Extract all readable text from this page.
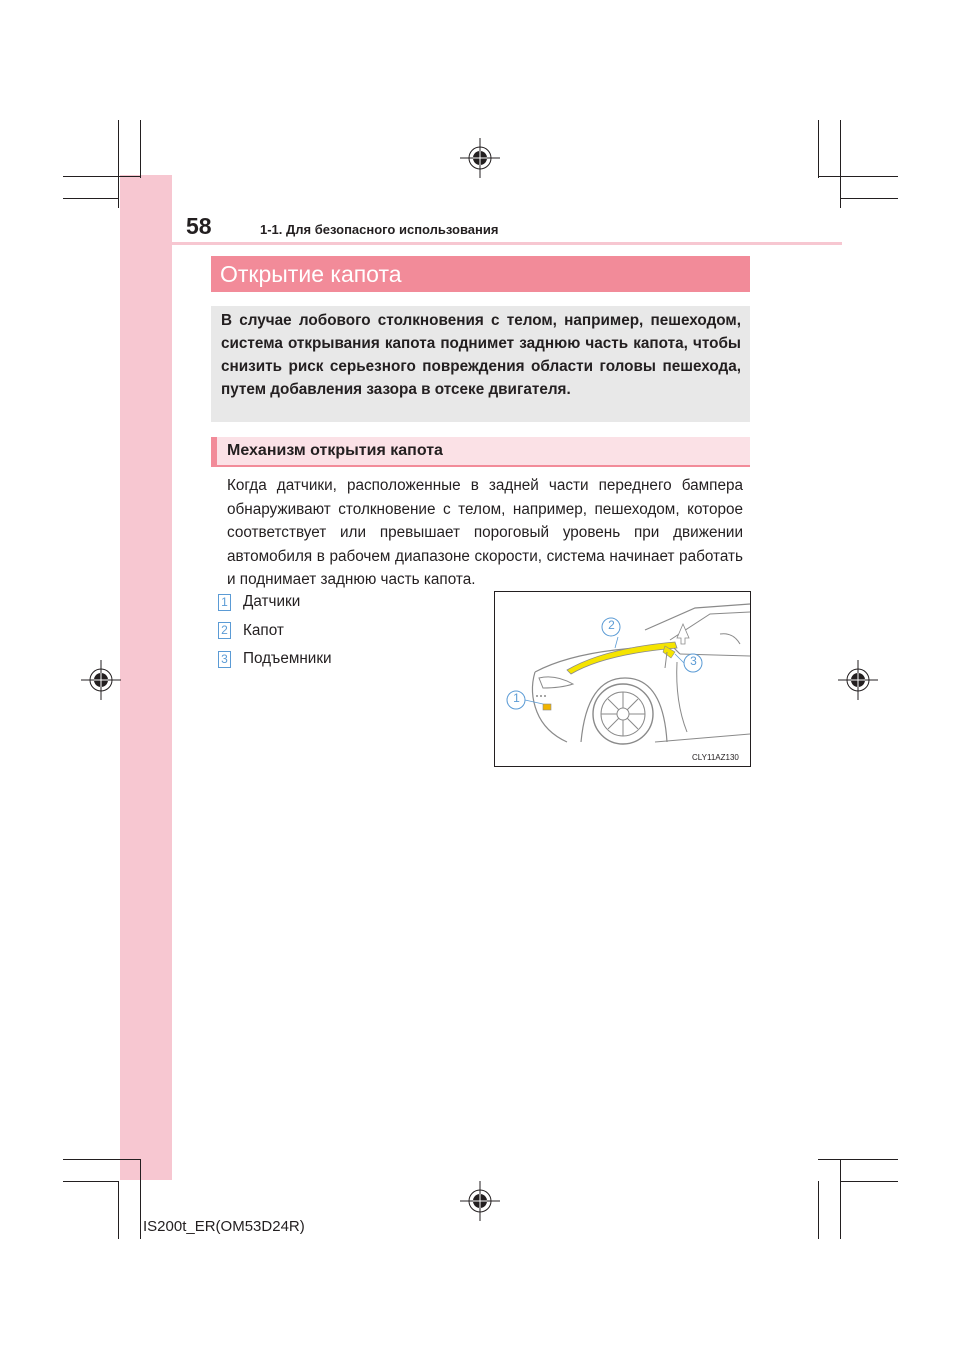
58	1-1. Для безопасного использования
Открытие капота

В случае лобового столкновения с телом, например, пешеходом, система открывания капота поднимет заднюю часть капота, чтобы снизить риск серьезного повреждения области головы пешехода, путем добавления зазора в отсеке двигателя.

Механизм открытия капота

Когда датчики, расположенные в задней части переднего бампера обнаруживают столкновение с телом, например, пешеходом, которое соответствует или превышает пороговый уровень при движении автомобиля в рабочем диапазоне скорости, система начинает работать и поднимает заднюю часть капота.

1 Датчики
2 Капот
3 Подъемники
2
3
1
CLY11AZ130
IS200t_ER(OM53D24R)
